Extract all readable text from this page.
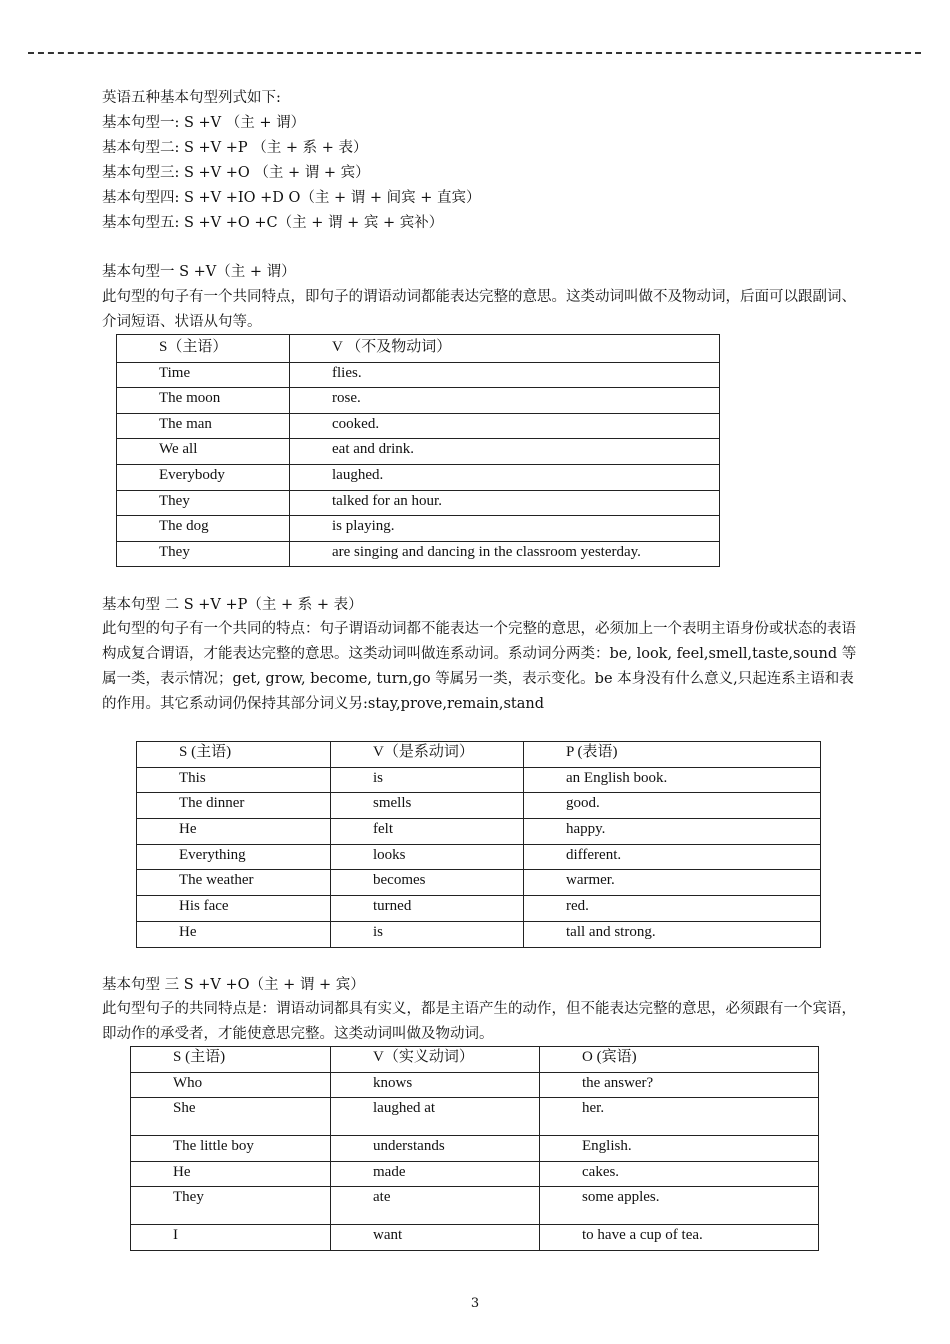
英语五种基本句型列式如下:
基本句型一: S +V （主 + 谓）
基本句型二: S +V +P （主 + 系 + 表）
基本句型三: S +V +O （主 + 谓 + 宾）
基本句型四: S +V +IO +D O（主 + 谓 + 间宾 + 直宾）
基本句型五: S +V +O +C（主 + 谓 + 宾 + 宾补）
基本句型一 S +V（主 + 谓）
此句型的句子有一个共同特点，即句子的谓语动词都能表达完整的意思。这类动词叫做不及物动词，后面可以跟副词、介词短语、状语从句等。
S（主语）	V （不及物动词）
Time	flies.
The moon	rose.
The man	cooked.
We all	eat and drink.
Everybody	laughed.
They	talked for an hour.
The dog	is playing.
They	are singing and dancing in the classroom yesterday.
基本句型 二 S +V +P（主 + 系 + 表）
此句型的句子有一个共同的特点：句子谓语动词都不能表达一个完整的意思，必须加上一个表明主语身份或状态的表语构成复合谓语，才能表达完整的意思。这类动词叫做连系动词。系动词分两类：be, look, feel,smell,taste,sound 等属一类，表示情况；get, grow, become, turn,go 等属另一类，表示变化。be 本身没有什么意义,只起连系主语和表的作用。其它系动词仍保持其部分词义另:stay,prove,remain,stand
S (主语)	V（是系动词）	P (表语)
This	is	an English book.
The dinner	smells	good.
He	felt	happy.
Everything	looks	different.
The weather	becomes	warmer.
His face	turned	red.
He	is	tall and strong.
基本句型 三 S +V +O（主 + 谓 + 宾）
此句型句子的共同特点是：谓语动词都具有实义，都是主语产生的动作，但不能表达完整的意思，必须跟有一个宾语，即动作的承受者，才能使意思完整。这类动词叫做及物动词。
S (主语)	V（实义动词）	O (宾语)
Who	knows	the answer?
She	laughed at	her.
The little boy	understands	English.
He	made	cakes.
They	ate	some apples.
I	want	to have a cup of tea.
3
